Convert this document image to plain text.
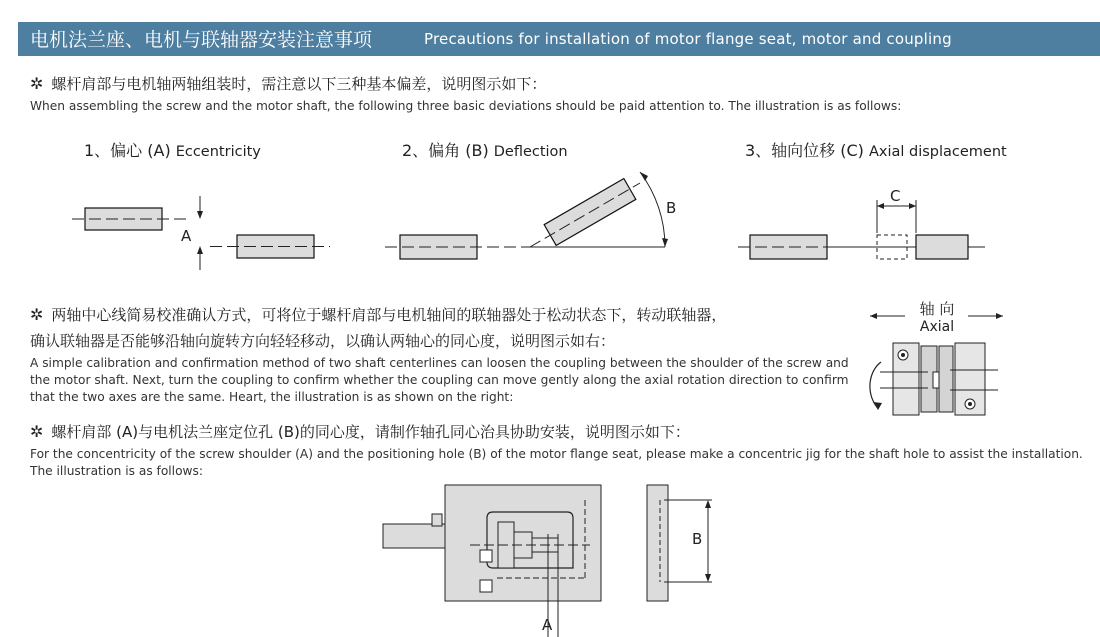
电机法兰座、电机与联轴器安装注意事项	Precautions for installation of motor flange seat, motor and coupling
✲ 螺杆肩部与电机轴两轴组装时，需注意以下三种基本偏差，说明图示如下：
When assembling the screw and the motor shaft, the following three basic deviations should be paid attention to. The illustration is as follows:
1、偏心 (A) Eccentricity	2、偏角 (B) Deflection	3、轴向位移 (C) Axial displacement
A
B
C
A
B
✲ 两轴中心线简易校准确认方式，可将位于螺杆肩部与电机轴间的联轴器处于松动状态下，转动联轴器，
确认联轴器是否能够沿轴向旋转方向轻轻移动，以确认两轴心的同心度，说明图示如右：
A simple calibration and confirmation method of two shaft centerlines can loosen the coupling between the shoulder of the screw and
the motor shaft. Next, turn the coupling to confirm whether the coupling can move gently along the axial rotation direction to confirm
that the two axes are the same. Heart, the illustration is as shown on the right:
轴 向
Axial
✲ 螺杆肩部 (A)与电机法兰座定位孔 (B)的同心度，请制作轴孔同心治具协助安装，说明图示如下：
For the concentricity of the screw shoulder (A) and the positioning hole (B) of the motor flange seat, please make a concentric jig for the shaft hole to assist the installation.
The illustration is as follows:
